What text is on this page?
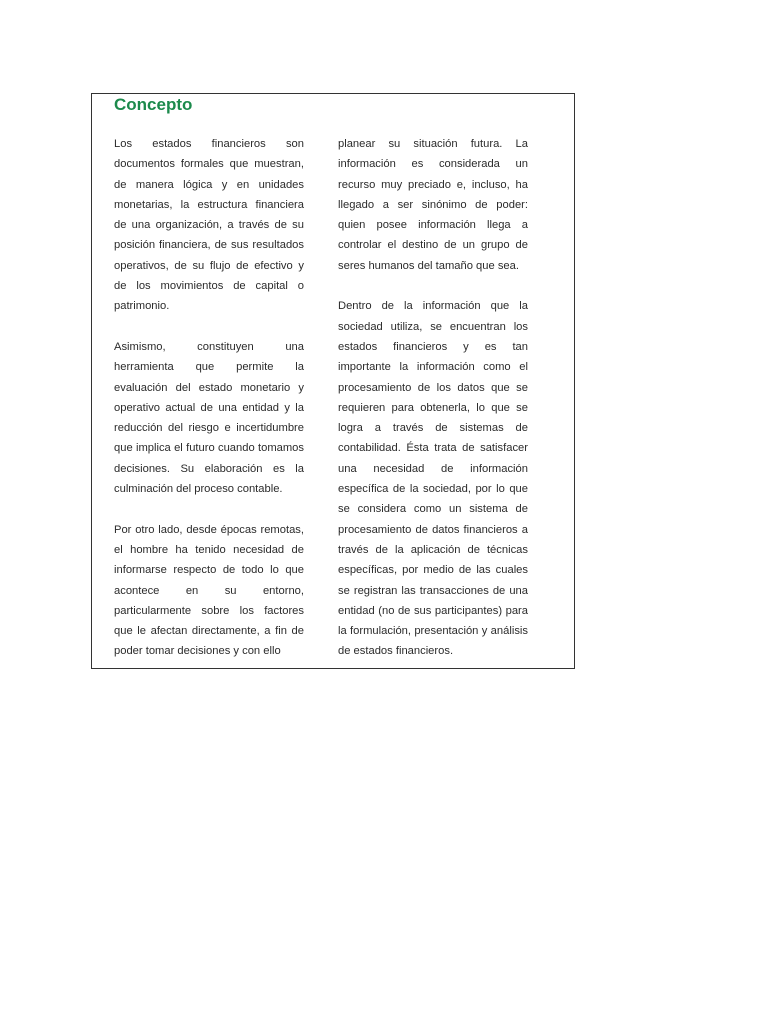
Concepto

Los estados financieros son documentos formales que muestran, de manera lógica y en unidades monetarias, la estructura financiera de una organización, a través de su posición financiera, de sus resultados operativos, de su flujo de efectivo y de los movimientos de capital o patrimonio.

Asimismo, constituyen una herramienta que permite la evaluación del estado monetario y operativo actual de una entidad y la reducción del riesgo e incertidumbre que implica el futuro cuando tomamos decisiones. Su elaboración es la culminación del proceso contable.

Por otro lado, desde épocas remotas, el hombre ha tenido necesidad de informarse respecto de todo lo que acontece en su entorno, particularmente sobre los factores que le afectan directamente, a fin de poder tomar decisiones y con ello

planear su situación futura. La información es considerada un recurso muy preciado e, incluso, ha llegado a ser sinónimo de poder: quien posee información llega a controlar el destino de un grupo de seres humanos del tamaño que sea.

Dentro de la información que la sociedad utiliza, se encuentran los estados financieros y es tan importante la información como el procesamiento de los datos que se requieren para obtenerla, lo que se logra a través de sistemas de contabilidad. Ésta trata de satisfacer una necesidad de información específica de la sociedad, por lo que se considera como un sistema de procesamiento de datos financieros a través de la aplicación de técnicas específicas, por medio de las cuales se registran las transacciones de una entidad (no de sus participantes) para la formulación, presentación y análisis de estados financieros.
